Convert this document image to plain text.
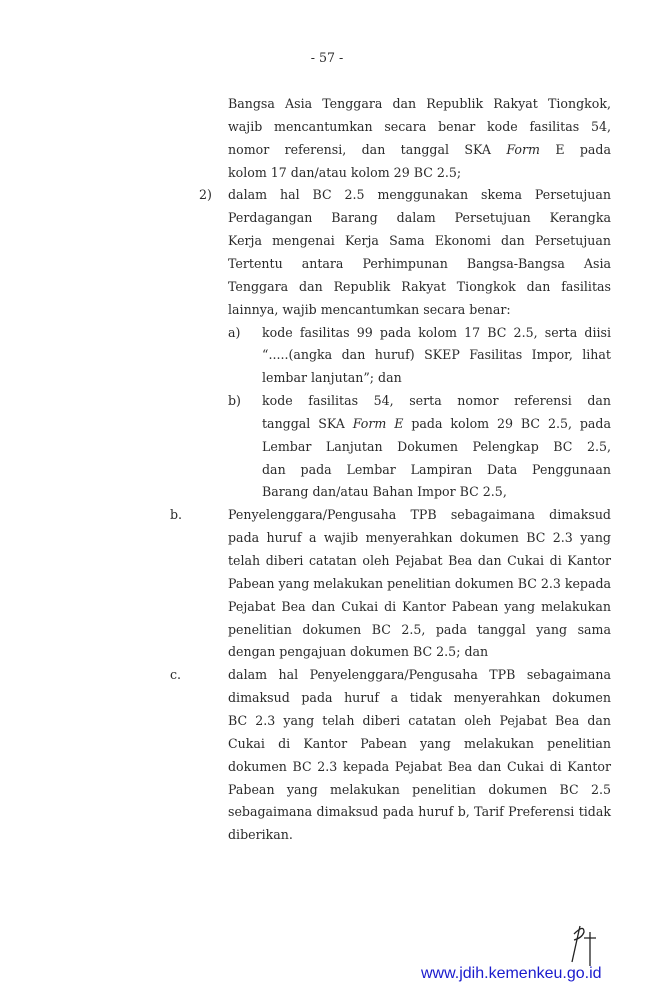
- 57 -
Bangsa Asia Tenggara dan Republik Rakyat Tiongkok,
wajib mencantumkan secara benar kode fasilitas 54,
nomor referensi, dan tanggal SKA Form E pada
kolom 17 dan/atau kolom 29 BC 2.5;
2) dalam hal BC 2.5 menggunakan skema Persetujuan
Perdagangan Barang dalam Persetujuan Kerangka
Kerja mengenai Kerja Sama Ekonomi dan Persetujuan
Tertentu antara Perhimpunan Bangsa-Bangsa Asia
Tenggara dan Republik Rakyat Tiongkok dan fasilitas
lainnya, wajib mencantumkan secara benar:
a) kode fasilitas 99 pada kolom 17 BC 2.5, serta diisi
“.....(angka dan huruf) SKEP Fasilitas Impor, lihat
lembar lanjutan”; dan
b) kode fasilitas 54, serta nomor referensi dan
tanggal SKA Form E pada kolom 29 BC 2.5, pada
Lembar Lanjutan Dokumen Pelengkap BC 2.5,
dan pada Lembar Lampiran Data Penggunaan
Barang dan/atau Bahan Impor BC 2.5,
b.	Penyelenggara/Pengusaha TPB sebagaimana dimaksud
pada huruf a wajib menyerahkan dokumen BC 2.3 yang
telah diberi catatan oleh Pejabat Bea dan Cukai di Kantor
Pabean yang melakukan penelitian dokumen BC 2.3 kepada
Pejabat Bea dan Cukai di Kantor Pabean yang melakukan
penelitian dokumen BC 2.5, pada tanggal yang sama
dengan pengajuan dokumen BC 2.5; dan
c.	dalam hal Penyelenggara/Pengusaha TPB sebagaimana
dimaksud pada huruf a tidak menyerahkan dokumen
BC 2.3 yang telah diberi catatan oleh Pejabat Bea dan
Cukai di Kantor Pabean yang melakukan penelitian
dokumen BC 2.3 kepada Pejabat Bea dan Cukai di Kantor
Pabean yang melakukan penelitian dokumen BC 2.5
sebagaimana dimaksud pada huruf b, Tarif Preferensi tidak
diberikan.
www.jdih.kemenkeu.go.id
